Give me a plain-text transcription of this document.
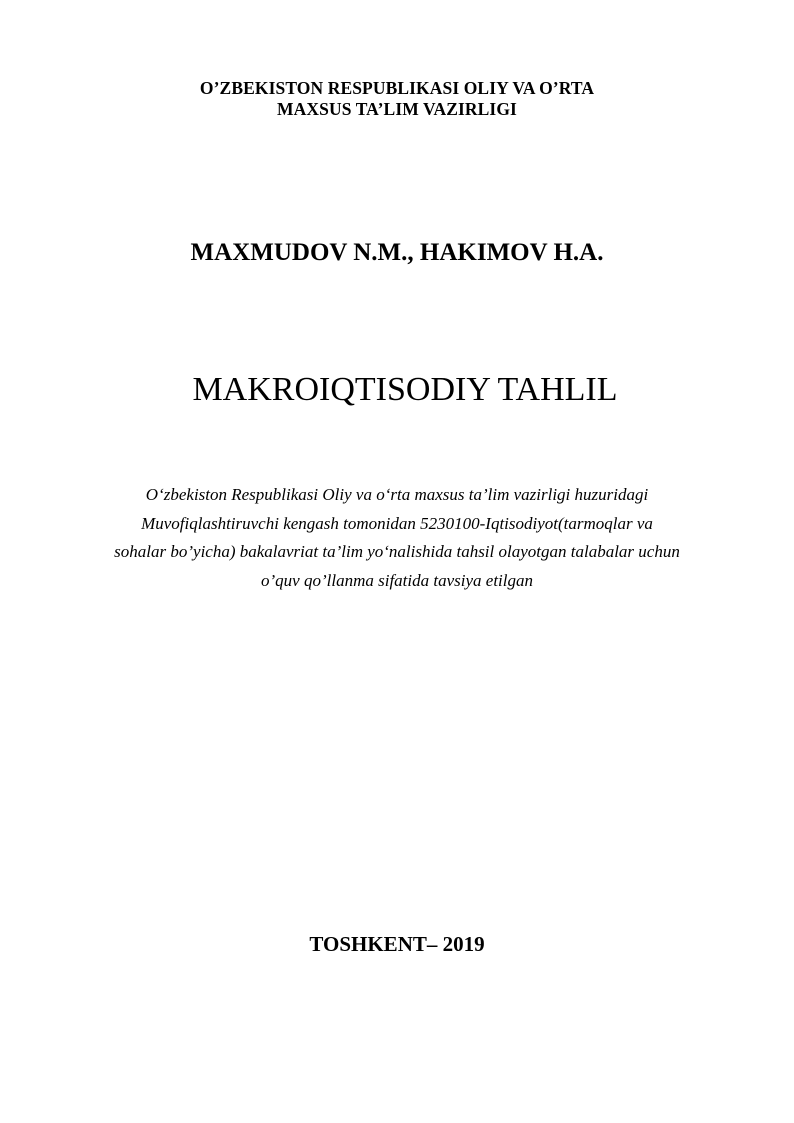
O’ZBEKISTON RESPUBLIKASI OLIY VA O’RTA
MAXSUS TA’LIM VAZIRLIGI
MAXMUDOV N.M., HAKIMOV H.A.
MAKROIQTISODIY TAHLIL
O‘zbekiston Respublikasi Oliy va o‘rta maxsus ta’lim vazirligi huzuridagi
Muvofiqlashtiruvchi kengash tomonidan 5230100-Iqtisodiyot(tarmoqlar va
sohalar bo’yicha) bakalavriat ta’lim yo‘nalishida tahsil olayotgan talabalar uchun
o’quv qo’llanma sifatida tavsiya etilgan
TOSHKENT– 2019
